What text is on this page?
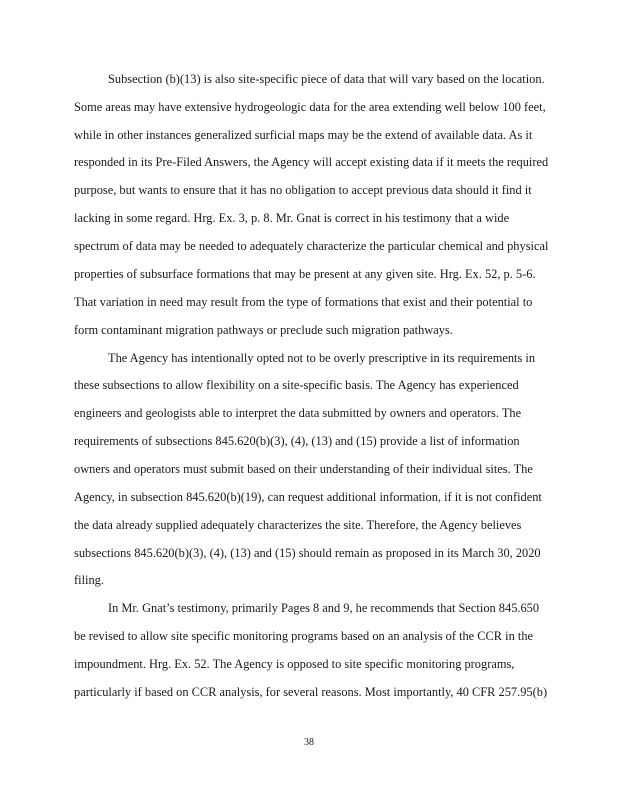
Subsection (b)(13) is also site-specific piece of data that will vary based on the location.
Some areas may have extensive hydrogeologic data for the area extending well below 100 feet,
while in other instances generalized surficial maps may be the extend of available data. As it
responded in its Pre-Filed Answers, the Agency will accept existing data if it meets the required
purpose, but wants to ensure that it has no obligation to accept previous data should it find it
lacking in some regard. Hrg. Ex. 3, p. 8. Mr. Gnat is correct in his testimony that a wide
spectrum of data may be needed to adequately characterize the particular chemical and physical
properties of subsurface formations that may be present at any given site. Hrg. Ex. 52, p. 5-6.
That variation in need may result from the type of formations that exist and their potential to
form contaminant migration pathways or preclude such migration pathways.
The Agency has intentionally opted not to be overly prescriptive in its requirements in
these subsections to allow flexibility on a site-specific basis. The Agency has experienced
engineers and geologists able to interpret the data submitted by owners and operators. The
requirements of subsections 845.620(b)(3), (4), (13) and (15) provide a list of information
owners and operators must submit based on their understanding of their individual sites. The
Agency, in subsection 845.620(b)(19), can request additional information, if it is not confident
the data already supplied adequately characterizes the site. Therefore, the Agency believes
subsections 845.620(b)(3), (4), (13) and (15) should remain as proposed in its March 30, 2020
filing.
In Mr. Gnat’s testimony, primarily Pages 8 and 9, he recommends that Section 845.650
be revised to allow site specific monitoring programs based on an analysis of the CCR in the
impoundment. Hrg. Ex. 52. The Agency is opposed to site specific monitoring programs,
particularly if based on CCR analysis, for several reasons. Most importantly, 40 CFR 257.95(b)
38
